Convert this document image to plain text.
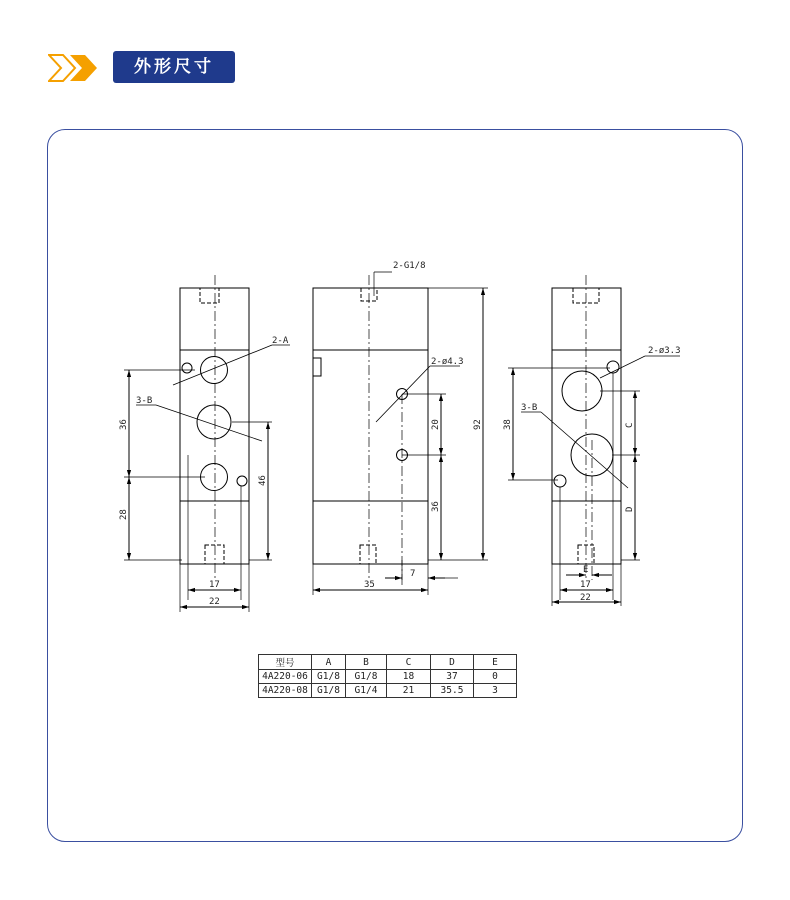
外形尺寸
2-A
3-B
36
28
46
17
22
2-G1/8
2-ø4.3
20
36
92
35
7
2-ø3.3
3-B
38	C
D
E
17
22
型号	A	B	C	D	E
4A220-06	G1/8	G1/8	18	37	0
4A220-08	G1/8	G1/4	21	35.5	3
